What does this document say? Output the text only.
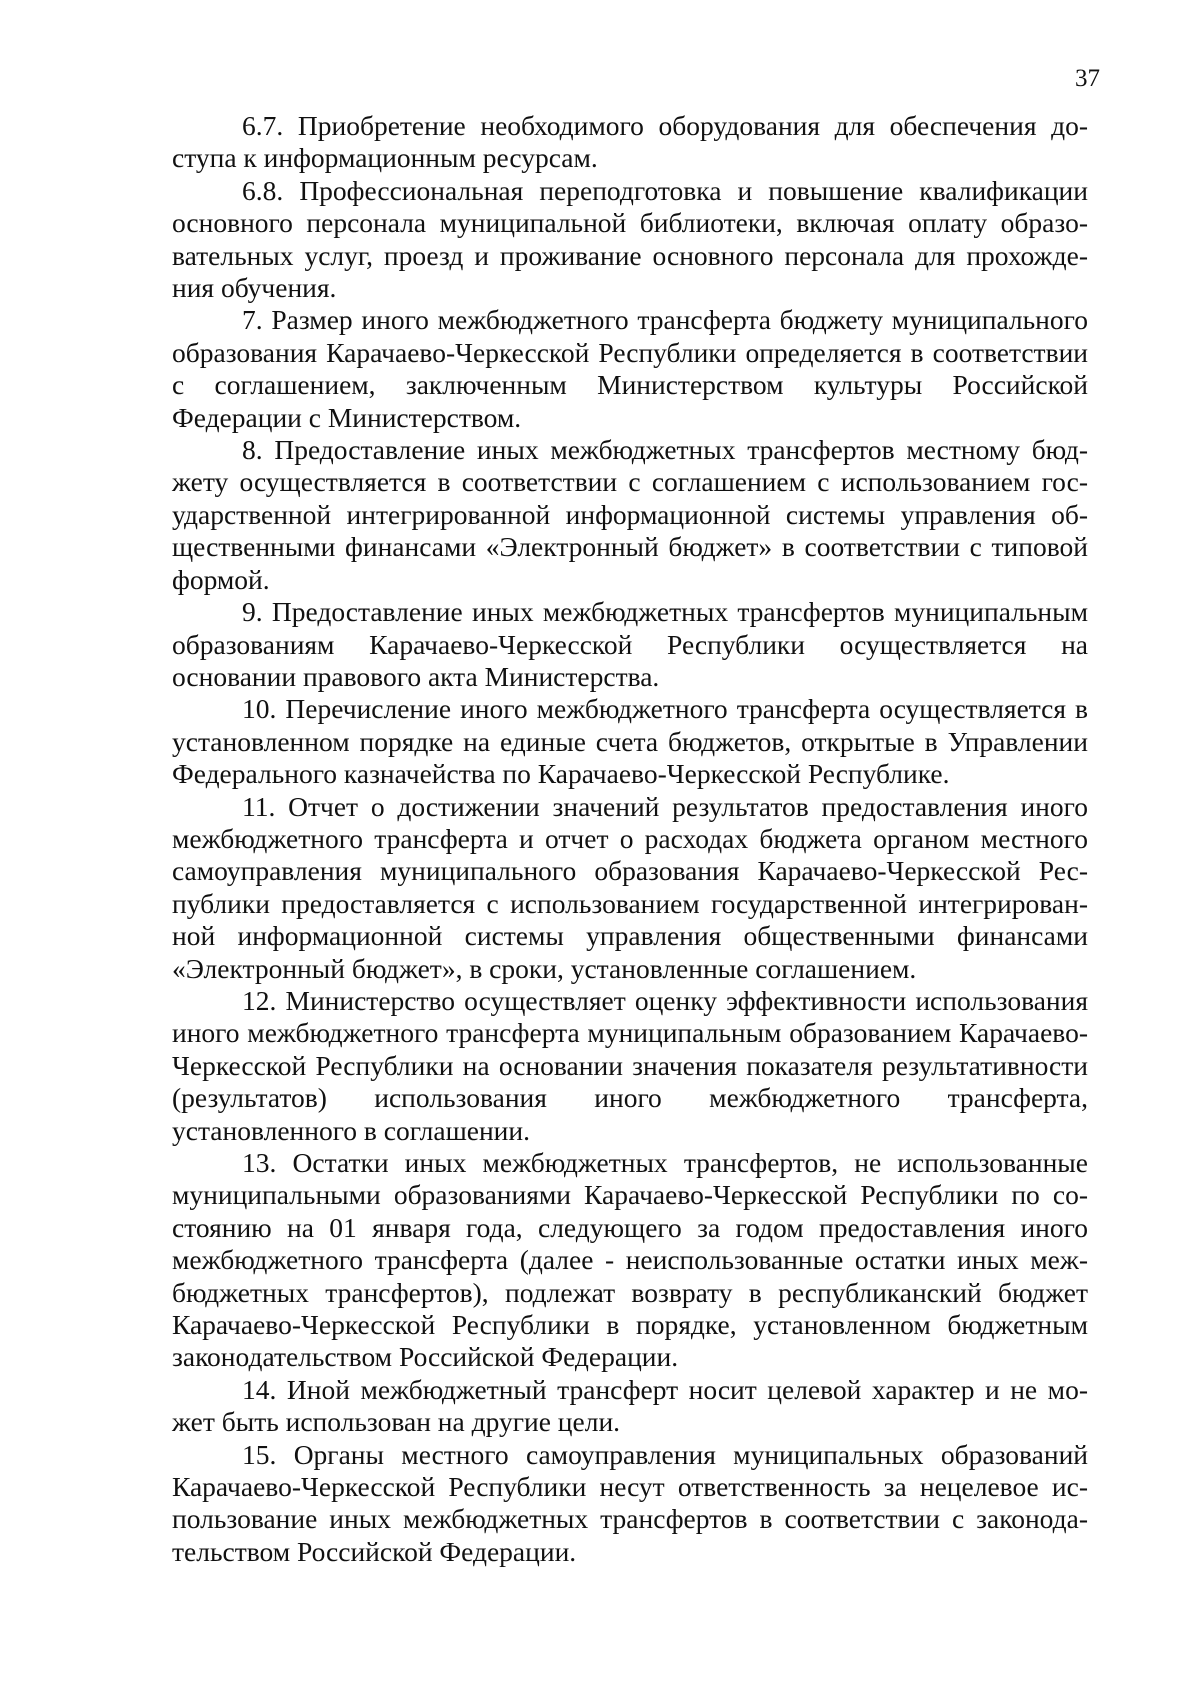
37

6.7. Приобретение необходимого оборудования для обеспечения доступа к информационным ресурсам.

6.8. Профессиональная переподготовка и повышение квалификации основного персонала муниципальной библиотеки, включая оплату образовательных услуг, проезд и проживание основного персонала для прохождения обучения.

7. Размер иного межбюджетного трансферта бюджету муниципального образования Карачаево-Черкесской Республики определяется в соответствии с соглашением, заключенным Министерством культуры Российской Федерации с Министерством.

8. Предоставление иных межбюджетных трансфертов местному бюджету осуществляется в соответствии с соглашением с использованием государственной интегрированной информационной системы управления общественными финансами «Электронный бюджет» в соответствии с типовой формой.

9. Предоставление иных межбюджетных трансфертов муниципальным образованиям Карачаево-Черкесской Республики осуществляется на основании правового акта Министерства.

10. Перечисление иного межбюджетного трансферта осуществляется в установленном порядке на единые счета бюджетов, открытые в Управлении Федерального казначейства по Карачаево-Черкесской Республике.

11. Отчет о достижении значений результатов предоставления иного межбюджетного трансферта и отчет о расходах бюджета органом местного самоуправления муниципального образования Карачаево-Черкесской Республики предоставляется с использованием государственной интегрированной информационной системы управления общественными финансами «Электронный бюджет», в сроки, установленные соглашением.

12. Министерство осуществляет оценку эффективности использования иного межбюджетного трансферта муниципальным образованием Карачаево-Черкесской Республики на основании значения показателя результативности (результатов) использования иного межбюджетного трансферта, установленного в соглашении.

13. Остатки иных межбюджетных трансфертов, не использованные муниципальными образованиями Карачаево-Черкесской Республики по состоянию на 01 января года, следующего за годом предоставления иного межбюджетного трансферта (далее - неиспользованные остатки иных межбюджетных трансфертов), подлежат возврату в республиканский бюджет Карачаево-Черкесской Республики в порядке, установленном бюджетным законодательством Российской Федерации.

14. Иной межбюджетный трансферт носит целевой характер и не может быть использован на другие цели.

15. Органы местного самоуправления муниципальных образований Карачаево-Черкесской Республики несут ответственность за нецелевое использование иных межбюджетных трансфертов в соответствии с законодательством Российской Федерации.
